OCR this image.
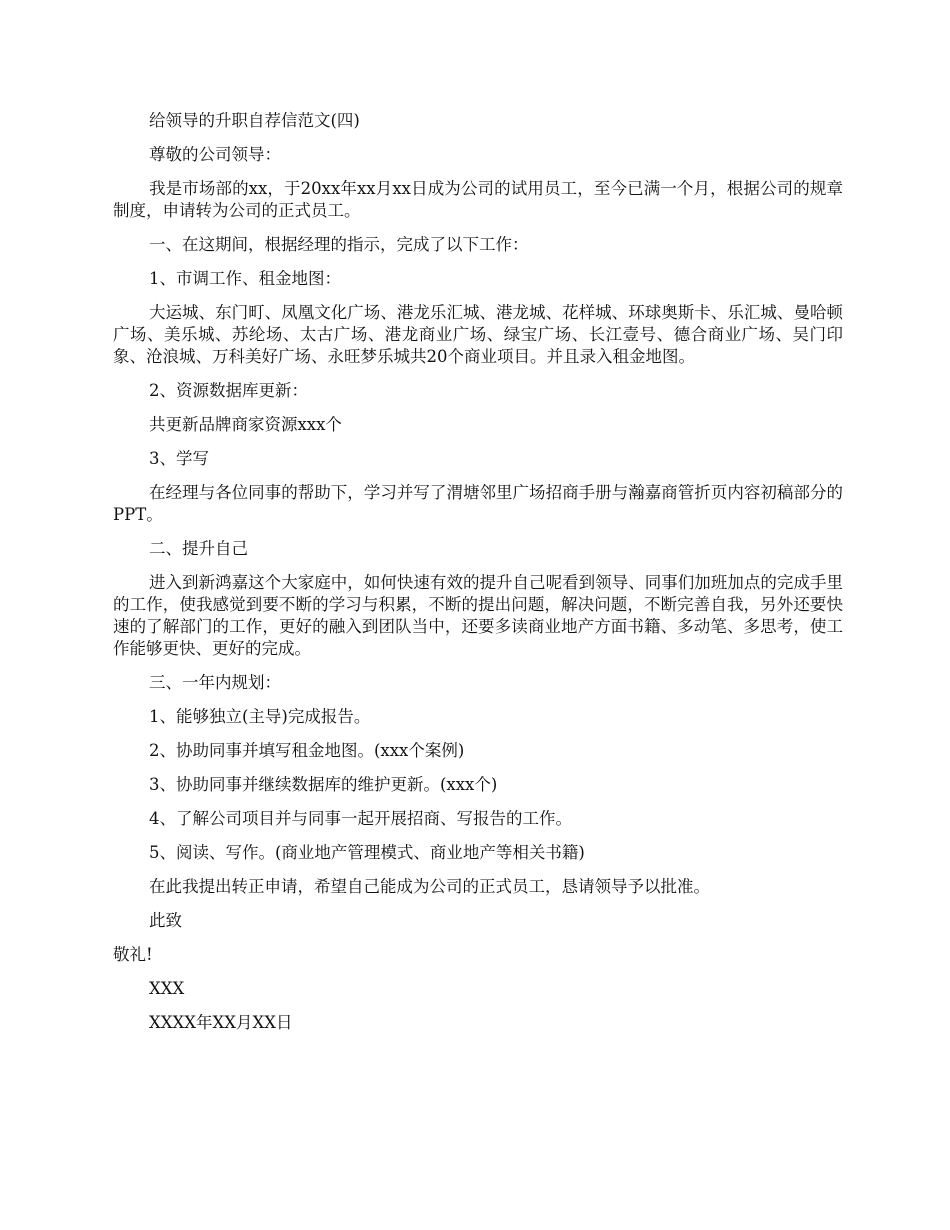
给领导的升职自荐信范文(四)

尊敬的公司领导：

我是市场部的xx，于20xx年xx月xx日成为公司的试用员工，至今已满一个月，根据公司的规章制度，申请转为公司的正式员工。

一、在这期间，根据经理的指示，完成了以下工作：

1、市调工作、租金地图：

大运城、东门町、凤凰文化广场、港龙乐汇城、港龙城、花样城、环球奥斯卡、乐汇城、曼哈顿广场、美乐城、苏纶场、太古广场、港龙商业广场、绿宝广场、长江壹号、德合商业广场、吴门印象、沧浪城、万科美好广场、永旺梦乐城共20个商业项目。并且录入租金地图。

2、资源数据库更新：

共更新品牌商家资源xxx个

3、学写

在经理与各位同事的帮助下，学习并写了渭塘邻里广场招商手册与瀚嘉商管折页内容初稿部分的PPT。

二、提升自己

进入到新鸿嘉这个大家庭中，如何快速有效的提升自己呢看到领导、同事们加班加点的完成手里的工作，使我感觉到要不断的学习与积累，不断的提出问题，解决问题，不断完善自我，另外还要快速的了解部门的工作，更好的融入到团队当中，还要多读商业地产方面书籍、多动笔、多思考，使工作能够更快、更好的完成。

三、一年内规划：

1、能够独立(主导)完成报告。

2、协助同事并填写租金地图。(xxx个案例)

3、协助同事并继续数据库的维护更新。(xxx个)

4、了解公司项目并与同事一起开展招商、写报告的工作。

5、阅读、写作。(商业地产管理模式、商业地产等相关书籍)

在此我提出转正申请，希望自己能成为公司的正式员工，恳请领导予以批准。

此致

敬礼!

XXX

XXXX年XX月XX日
